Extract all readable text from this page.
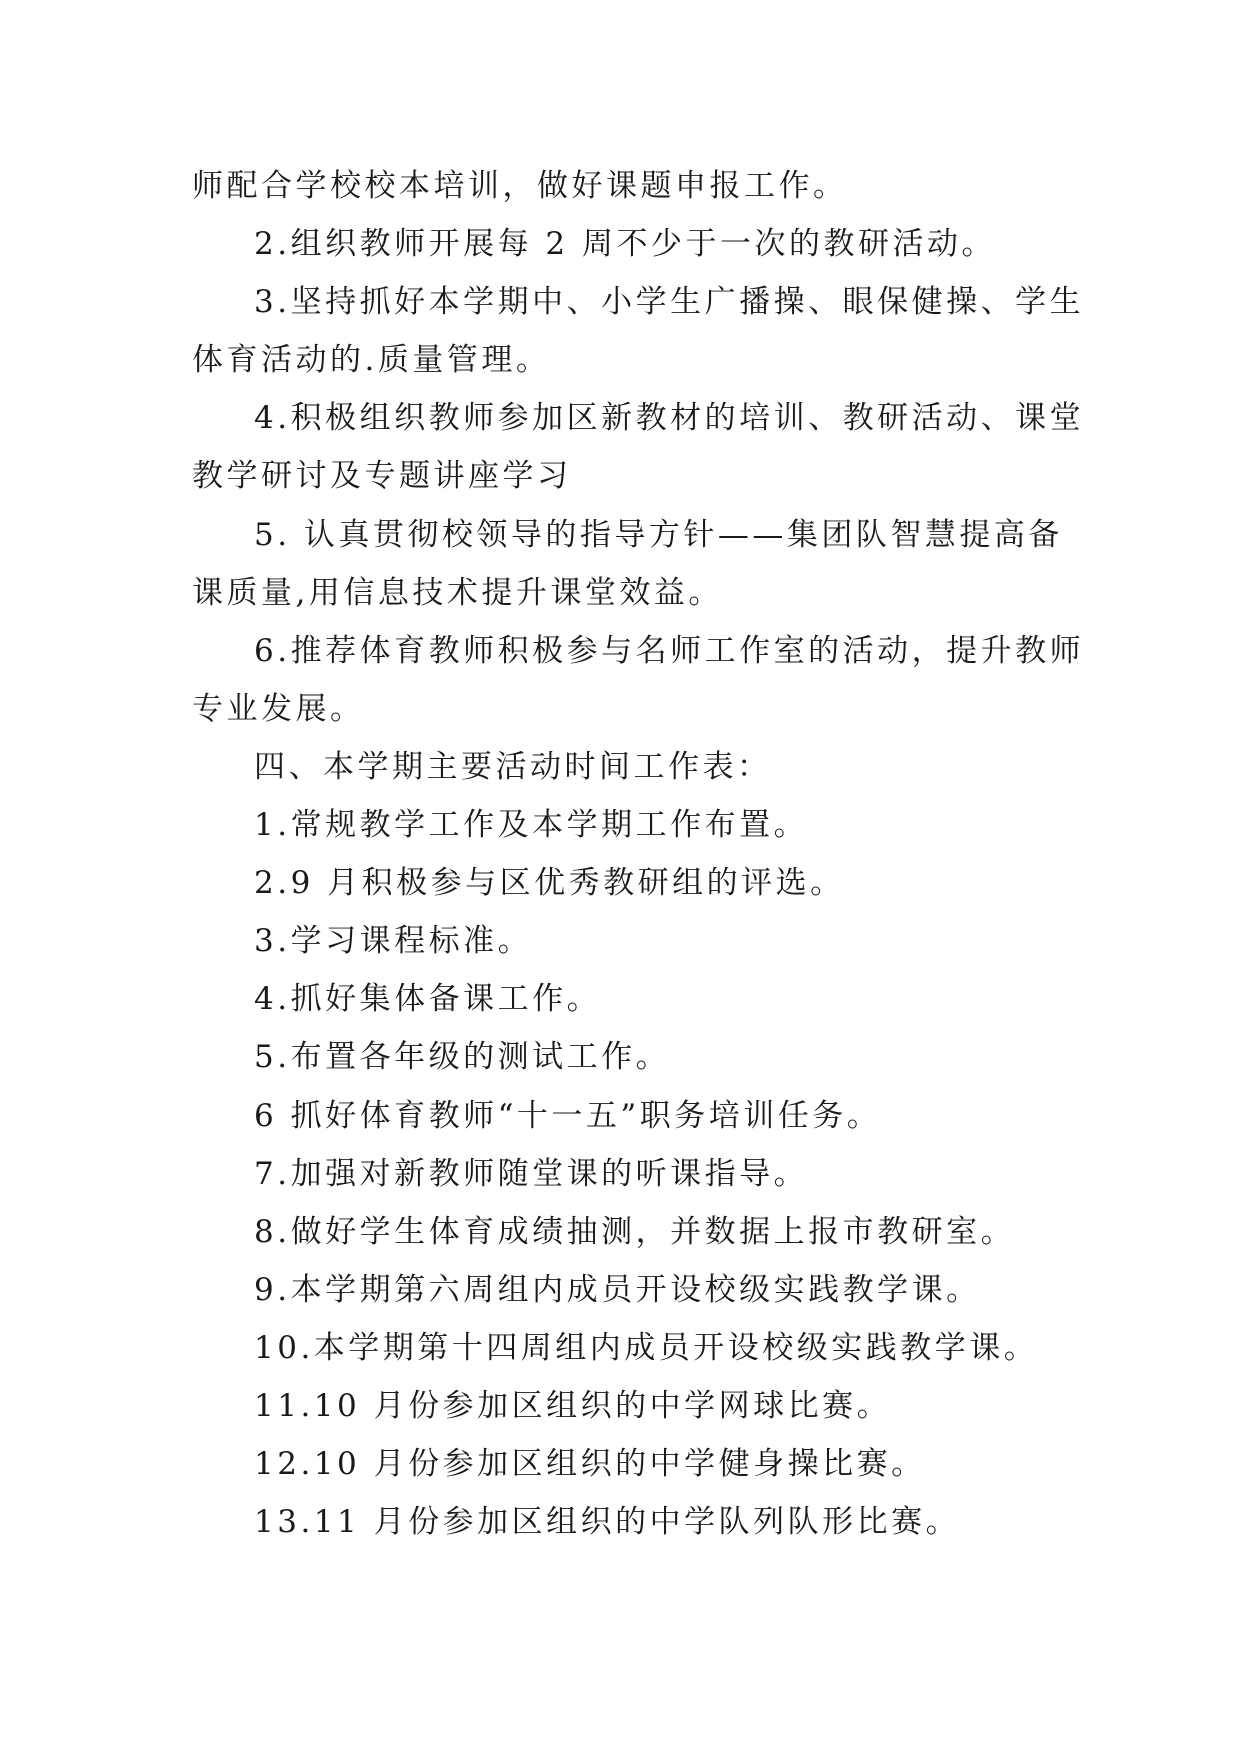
师配合学校校本培训，做好课题申报工作。
2.组织教师开展每 2 周不少于一次的教研活动。
3.坚持抓好本学期中、小学生广播操、眼保健操、学生
体育活动的.质量管理。
4.积极组织教师参加区新教材的培训、教研活动、课堂
教学研讨及专题讲座学习
5. 认真贯彻校领导的指导方针——集团队智慧提高备
课质量,用信息技术提升课堂效益。
6.推荐体育教师积极参与名师工作室的活动，提升教师
专业发展。
四、本学期主要活动时间工作表：
1.常规教学工作及本学期工作布置。
2.9 月积极参与区优秀教研组的评选。
3.学习课程标准。
4.抓好集体备课工作。
5.布置各年级的测试工作。
6 抓好体育教师“十一五”职务培训任务。
7.加强对新教师随堂课的听课指导。
8.做好学生体育成绩抽测，并数据上报市教研室。
9.本学期第六周组内成员开设校级实践教学课。
10.本学期第十四周组内成员开设校级实践教学课。
11.10 月份参加区组织的中学网球比赛。
12.10 月份参加区组织的中学健身操比赛。
13.11 月份参加区组织的中学队列队形比赛。
